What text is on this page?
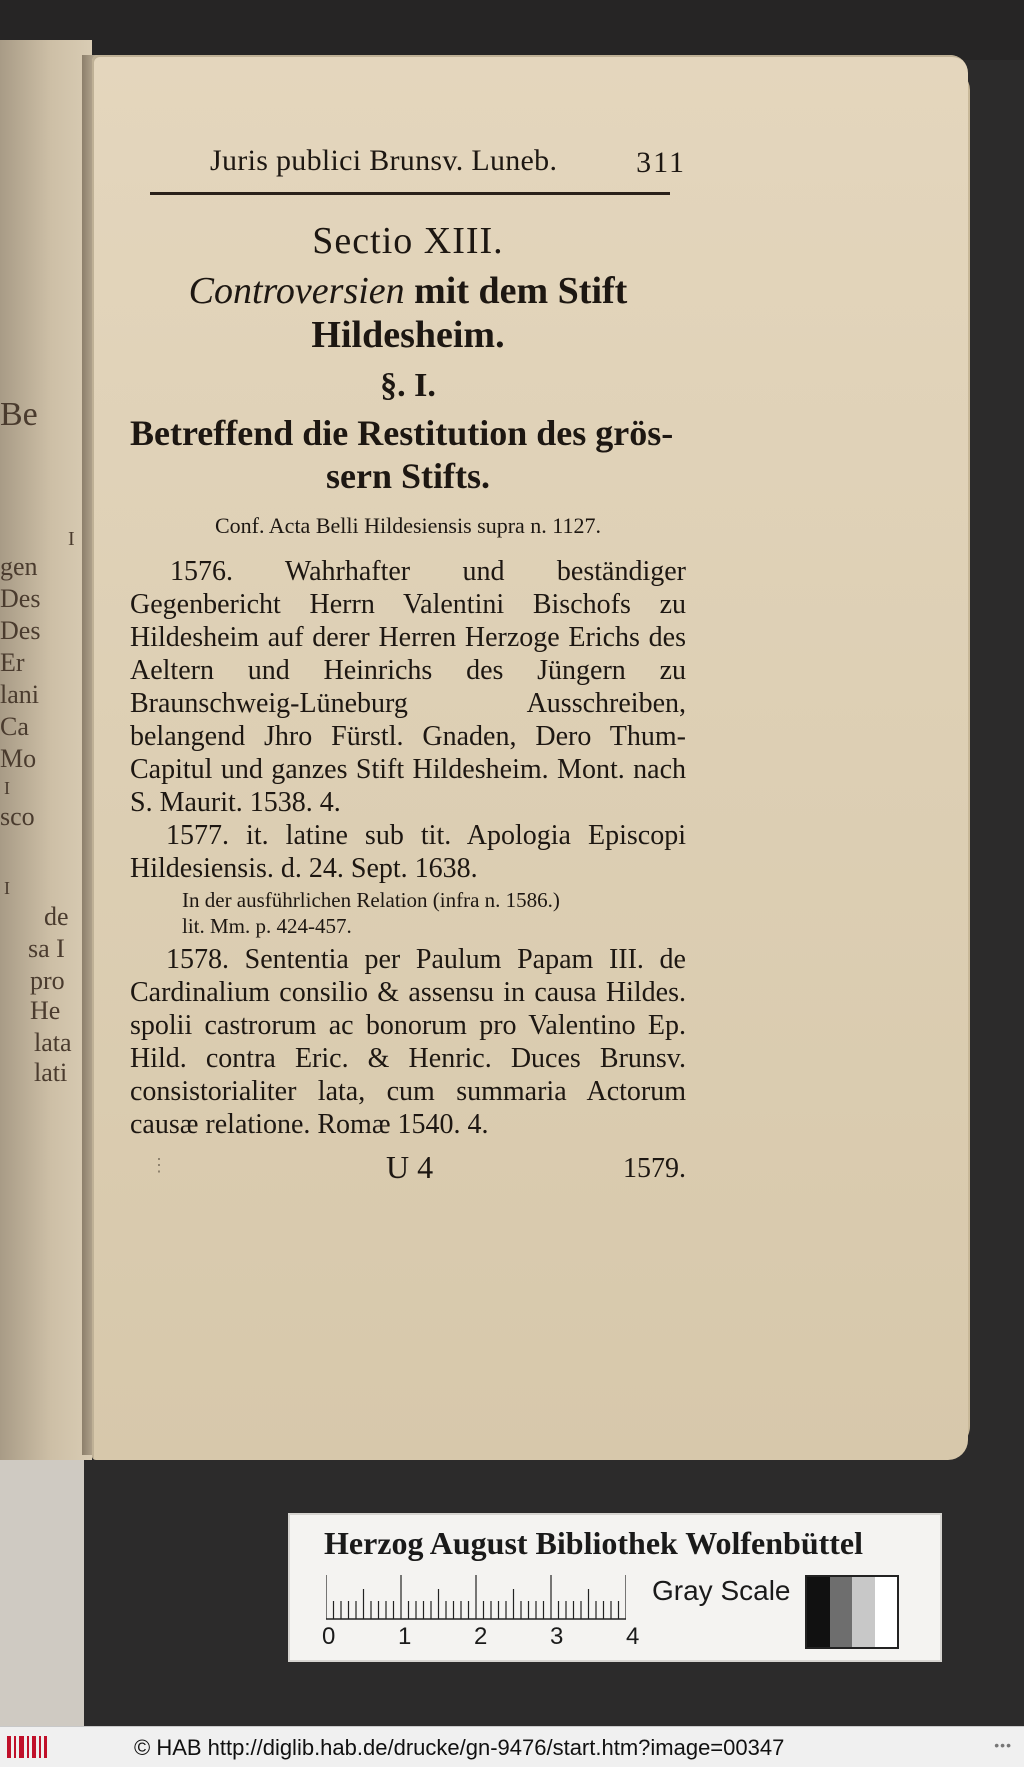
Be
I
gen
Des
Des
Er
lani
Ca
Mo
I
sco
I
de
sa I
pro
He
lata
lati
Juris publici Brunsv. Luneb.	311

Sectio XIII.

Controversien mit dem Stift

Hildesheim.

§. I.

Betreffend die Restitution des grös-

sern Stifts.

Conf. Acta Belli Hildesiensis supra n. 1127.

1576. Wahrhafter und beständiger Gegenbericht Herrn Valentini Bischofs zu Hildesheim auf derer Herren Herzoge Erichs des Aeltern und Heinrichs des Jüngern zu Braunschweig-Lüneburg Ausschreiben, belangend Jhro Fürstl. Gnaden, Dero Thum-Capitul und ganzes Stift Hildesheim. Mont. nach S. Maurit. 1538. 4.

1577. it. latine sub tit. Apologia Episcopi Hildesiensis. d. 24. Sept. 1638.

In der ausführlichen Relation (infra n. 1586.)
lit. Mm. p. 424-457.

1578. Sententia per Paulum Papam III. de Cardinalium consilio & assensu in causa Hildes. spolii castrorum ac bonorum pro Valentino Ep. Hild. contra Eric. & Henric. Duces Brunsv. consistorialiter lata, cum summaria Actorum causæ relatione. Romæ 1540. 4.

⋮	U 4	1579.
Herzog August Bibliothek Wolfenbüttel
0	1	2	3	4
Gray Scale
© HAB http://diglib.hab.de/drucke/gn-9476/start.htm?image=00347	•••
